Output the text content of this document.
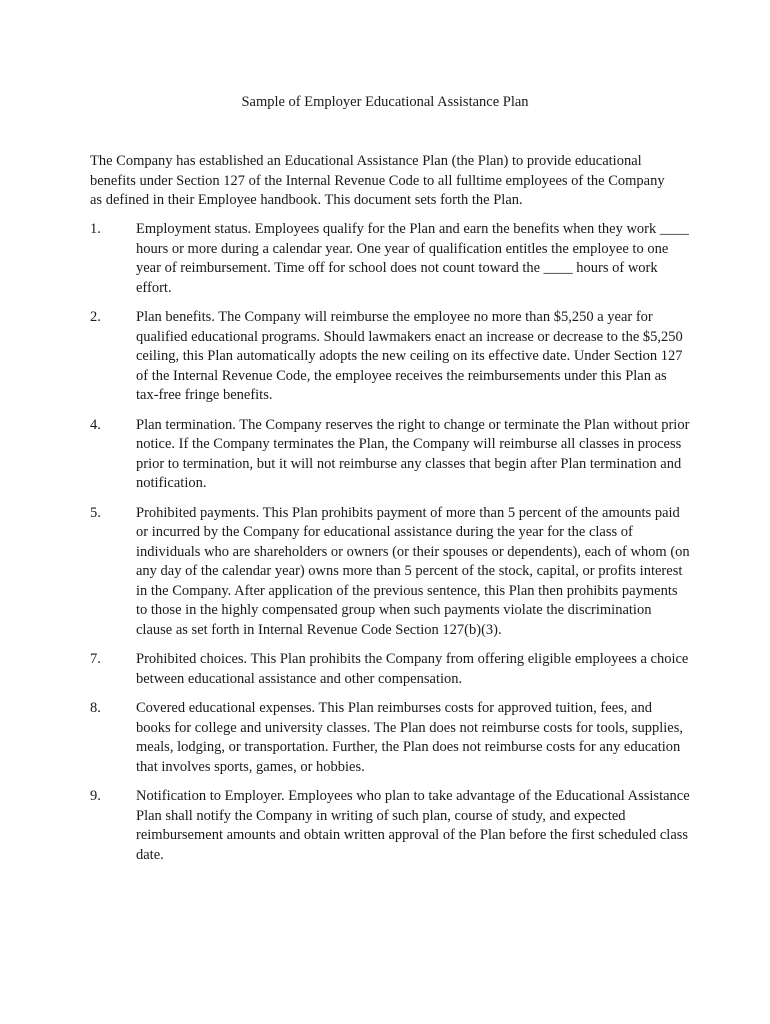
Sample of Employer Educational Assistance Plan

The Company has established an Educational Assistance Plan (the Plan) to provide educational benefits under Section 127 of the Internal Revenue Code to all fulltime employees of the Company as defined in their Employee handbook. This document sets forth the Plan.

1. Employment status. Employees qualify for the Plan and earn the benefits when they work ____ hours or more during a calendar year. One year of qualification entitles the employee to one year of reimbursement. Time off for school does not count toward the ____ hours of work effort.
2. Plan benefits. The Company will reimburse the employee no more than $5,250 a year for qualified educational programs. Should lawmakers enact an increase or decrease to the $5,250 ceiling, this Plan automatically adopts the new ceiling on its effective date. Under Section 127 of the Internal Revenue Code, the employee receives the reimbursements under this Plan as tax-free fringe benefits.
4. Plan termination. The Company reserves the right to change or terminate the Plan without prior notice. If the Company terminates the Plan, the Company will reimburse all classes in process prior to termination, but it will not reimburse any classes that begin after Plan termination and notification.
5. Prohibited payments. This Plan prohibits payment of more than 5 percent of the amounts paid or incurred by the Company for educational assistance during the year for the class of individuals who are shareholders or owners (or their spouses or dependents), each of whom (on any day of the calendar year) owns more than 5 percent of the stock, capital, or profits interest in the Company. After application of the previous sentence, this Plan then prohibits payments to those in the highly compensated group when such payments violate the discrimination clause as set forth in Internal Revenue Code Section 127(b)(3).
7. Prohibited choices. This Plan prohibits the Company from offering eligible employees a choice between educational assistance and other compensation.
8. Covered educational expenses. This Plan reimburses costs for approved tuition, fees, and books for college and university classes. The Plan does not reimburse costs for tools, supplies, meals, lodging, or transportation. Further, the Plan does not reimburse costs for any education that involves sports, games, or hobbies.
9. Notification to Employer. Employees who plan to take advantage of the Educational Assistance Plan shall notify the Company in writing of such plan, course of study, and expected reimbursement amounts and obtain written approval of the Plan before the first scheduled class date.
